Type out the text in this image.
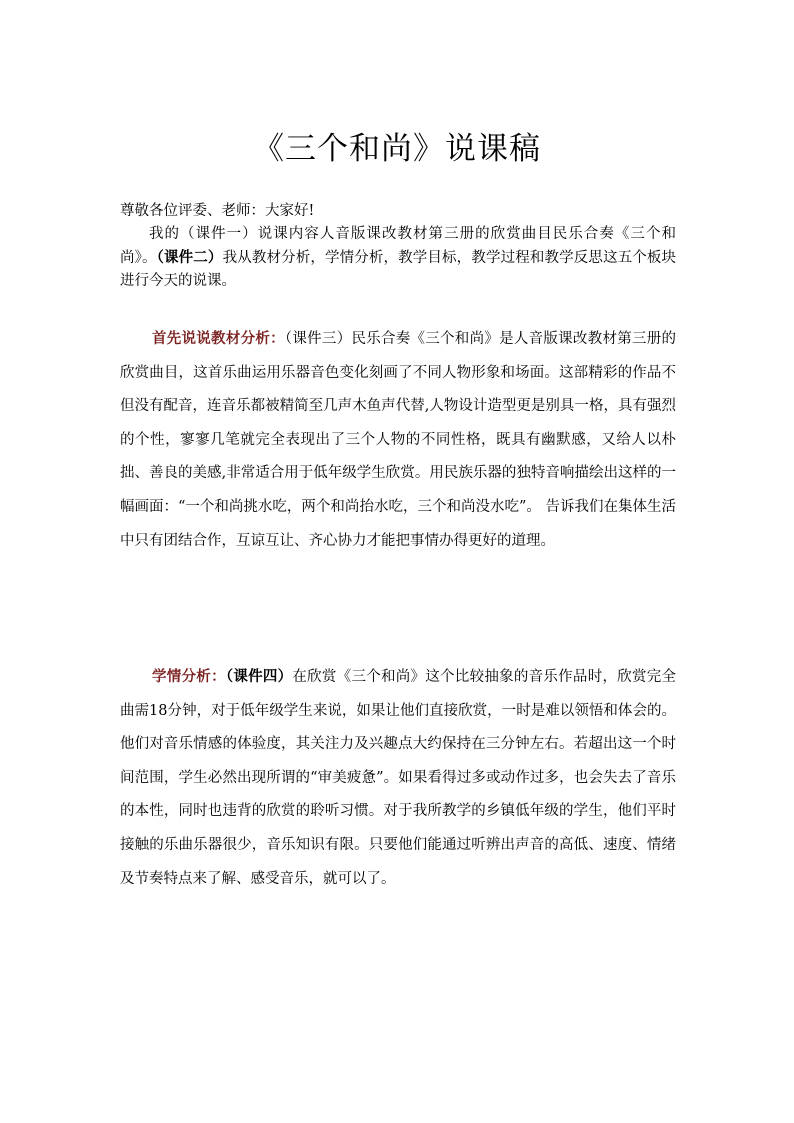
《三个和尚》说课稿

尊敬各位评委、老师：大家好!

我的（课件一）说课内容人音版课改教材第三册的欣赏曲目民乐合奏《三个和尚》。（课件二）我从教材分析，学情分析，教学目标，教学过程和教学反思这五个板块进行今天的说课。

首先说说教材分析：（课件三）民乐合奏《三个和尚》是人音版课改教材第三册的欣赏曲目，这首乐曲运用乐器音色变化刻画了不同人物形象和场面。这部精彩的作品不但没有配音，连音乐都被精简至几声木鱼声代替,人物设计造型更是别具一格，具有强烈的个性，寥寥几笔就完全表现出了三个人物的不同性格，既具有幽默感，又给人以朴拙、善良的美感,非常适合用于低年级学生欣赏。用民族乐器的独特音响描绘出这样的一幅画面：“一个和尚挑水吃，两个和尚抬水吃，三个和尚没水吃”。 告诉我们在集体生活中只有团结合作，互谅互让、齐心协力才能把事情办得更好的道理。

学情分析：（课件四）在欣赏《三个和尚》这个比较抽象的音乐作品时，欣赏完全曲需18分钟，对于低年级学生来说，如果让他们直接欣赏，一时是难以领悟和体会的。他们对音乐情感的体验度，其关注力及兴趣点大约保持在三分钟左右。若超出这一个时间范围，学生必然出现所谓的“审美疲惫”。如果看得过多或动作过多，也会失去了音乐的本性，同时也违背的欣赏的聆听习惯。对于我所教学的乡镇低年级的学生，他们平时接触的乐曲乐器很少，音乐知识有限。只要他们能通过听辨出声音的高低、速度、情绪及节奏特点来了解、感受音乐，就可以了。
